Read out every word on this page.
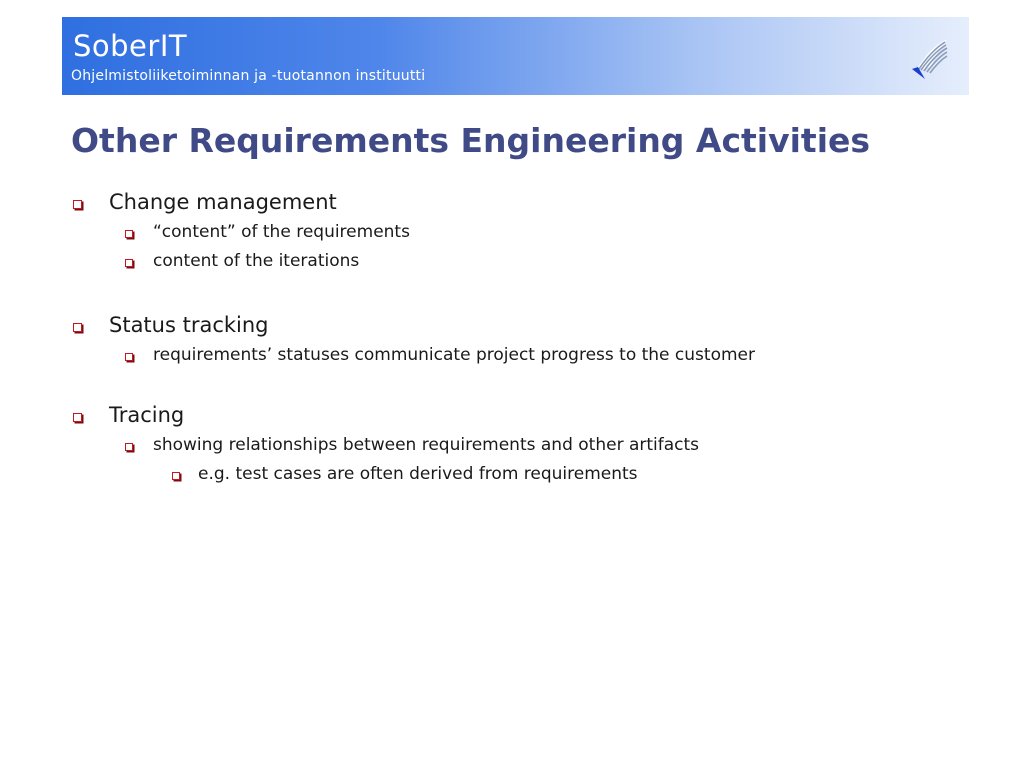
SoberIT
Ohjelmistoliiketoiminnan ja -tuotannon instituutti
Other Requirements Engineering Activities
Change management
“content” of the requirements
content of the iterations
Status tracking
requirements’ statuses communicate project progress to the customer
Tracing
showing relationships between requirements and other artifacts
e.g. test cases are often derived from requirements
